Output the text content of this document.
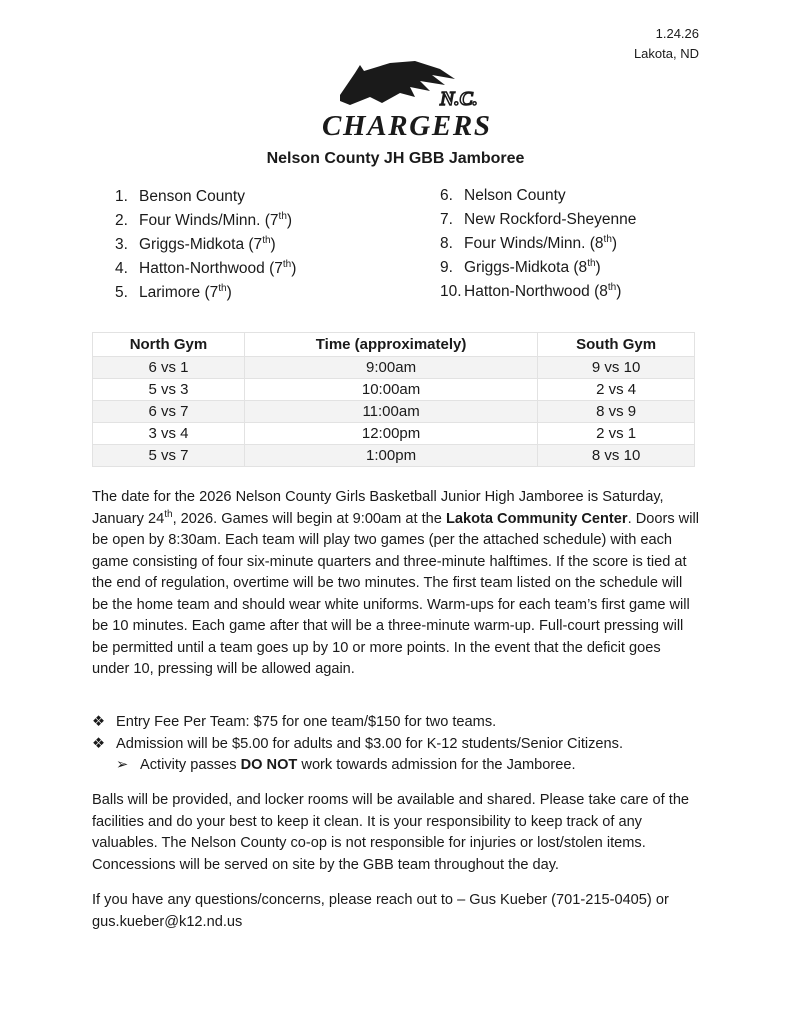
1.24.26
Lakota, ND
N.C.
CHARGERS
Nelson County JH GBB Jamboree
1. Benson County
2. Four Winds/Minn. (7th)
3. Griggs-Midkota (7th)
4. Hatton-Northwood (7th)
5. Larimore (7th)
6. Nelson County
7. New Rockford-Sheyenne
8. Four Winds/Minn. (8th)
9. Griggs-Midkota (8th)
10. Hatton-Northwood (8th)
North Gym	Time (approximately)	South Gym
6 vs 1	9:00am	9 vs 10
5 vs 3	10:00am	2 vs 4
6 vs 7	11:00am	8 vs 9
3 vs 4	12:00pm	2 vs 1
5 vs 7	1:00pm	8 vs 10
The date for the 2026 Nelson County Girls Basketball Junior High Jamboree is Saturday, January 24th, 2026. Games will begin at 9:00am at the Lakota Community Center. Doors will be open by 8:30am. Each team will play two games (per the attached schedule) with each game consisting of four six-minute quarters and three-minute halftimes. If the score is tied at the end of regulation, overtime will be two minutes. The first team listed on the schedule will be the home team and should wear white uniforms. Warm-ups for each team’s first game will be 10 minutes. Each game after that will be a three-minute warm-up. Full-court pressing will be permitted until a team goes up by 10 or more points. In the event that the deficit goes under 10, pressing will be allowed again.
❖ Entry Fee Per Team: $75 for one team/$150 for two teams.
❖ Admission will be $5.00 for adults and $3.00 for K-12 students/Senior Citizens.
➢ Activity passes DO NOT work towards admission for the Jamboree.
Balls will be provided, and locker rooms will be available and shared. Please take care of the facilities and do your best to keep it clean. It is your responsibility to keep track of any valuables. The Nelson County co-op is not responsible for injuries or lost/stolen items. Concessions will be served on site by the GBB team throughout the day.
If you have any questions/concerns, please reach out to – Gus Kueber (701-215-0405) or gus.kueber@k12.nd.us
